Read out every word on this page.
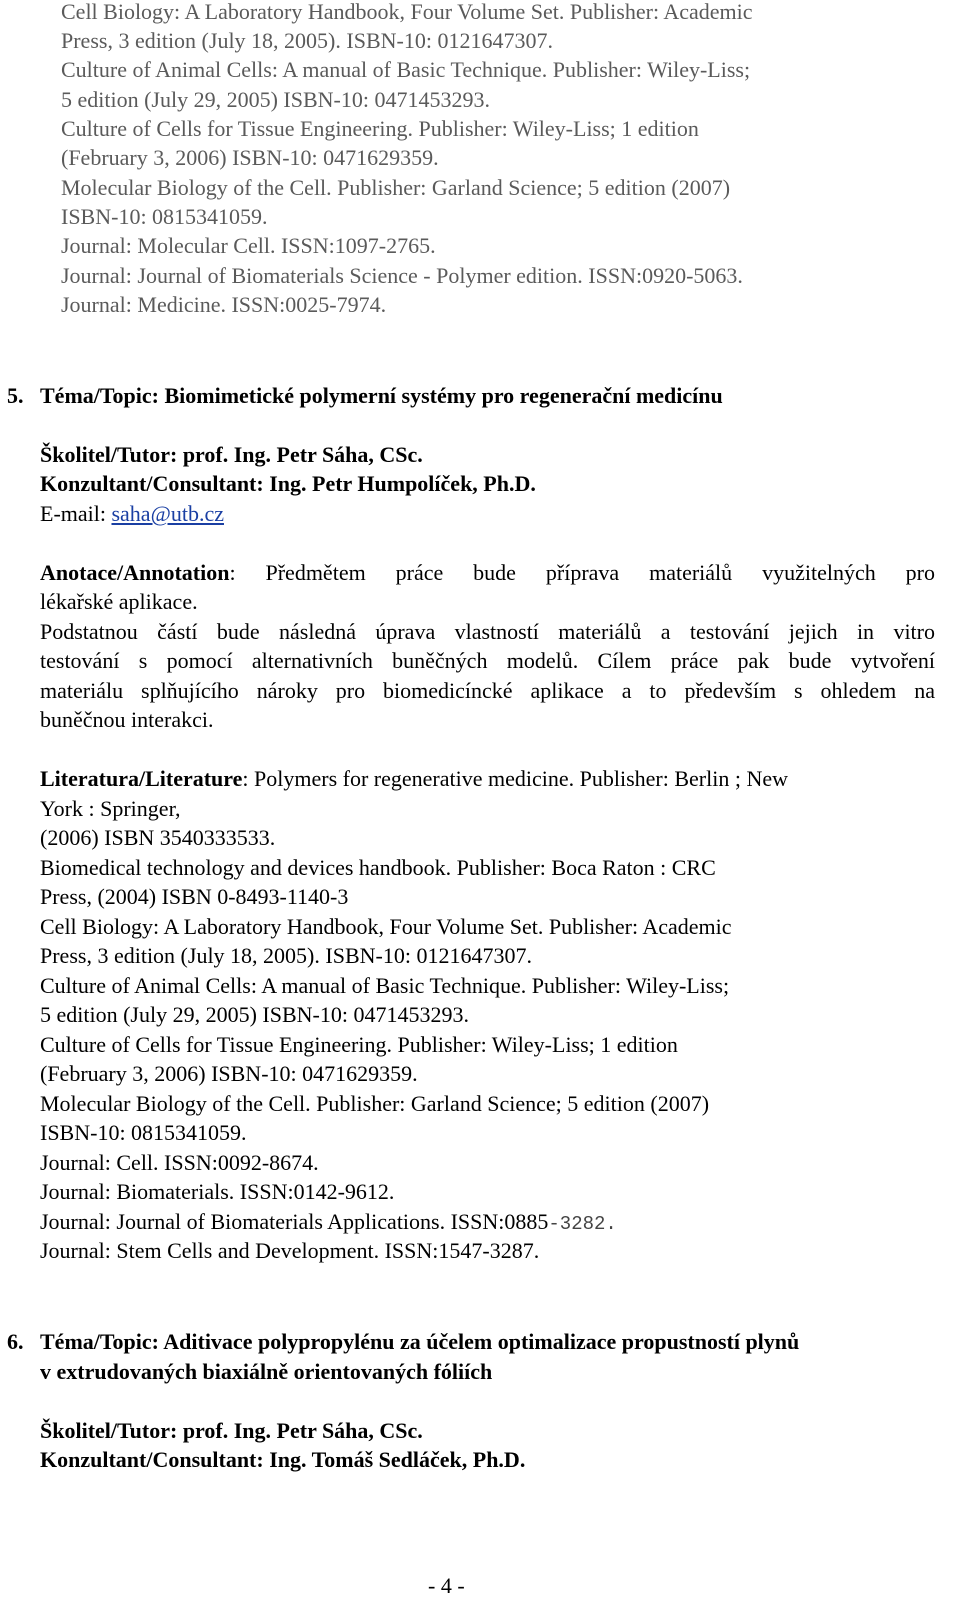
Cell Biology: A Laboratory Handbook, Four Volume Set. Publisher: Academic
Press, 3 edition (July 18, 2005). ISBN-10: 0121647307.
Culture of Animal Cells: A manual of Basic Technique. Publisher: Wiley-Liss;
5 edition (July 29, 2005) ISBN-10: 0471453293.
Culture of Cells for Tissue Engineering. Publisher: Wiley-Liss; 1 edition
(February 3, 2006) ISBN-10: 0471629359.
Molecular Biology of the Cell. Publisher: Garland Science; 5 edition (2007)
ISBN-10: 0815341059.
Journal: Molecular Cell. ISSN:1097-2765.
Journal: Journal of Biomaterials Science - Polymer edition. ISSN:0920-5063.
Journal: Medicine. ISSN:0025-7974.
5. Téma/Topic: Biomimetické polymerní systémy pro regenerační medicínu
Školitel/Tutor: prof. Ing. Petr Sáha, CSc.
Konzultant/Consultant: Ing. Petr Humpolíček, Ph.D.
E-mail: saha@utb.cz
Anotace/Annotation: Předmětem práce bude příprava materiálů využitelných pro
lékařské aplikace.
Podstatnou částí bude následná úprava vlastností materiálů a testování jejich in vitro
testování s pomocí alternativních buněčných modelů. Cílem práce pak bude vytvoření
materiálu splňujícího nároky pro biomedicíncké aplikace a to především s ohledem na
buněčnou interakci.
Literatura/Literature: Polymers for regenerative medicine. Publisher: Berlin ; New
York : Springer,
(2006) ISBN 3540333533.
Biomedical technology and devices handbook. Publisher: Boca Raton : CRC
Press, (2004) ISBN 0-8493-1140-3
Cell Biology: A Laboratory Handbook, Four Volume Set. Publisher: Academic
Press, 3 edition (July 18, 2005). ISBN-10: 0121647307.
Culture of Animal Cells: A manual of Basic Technique. Publisher: Wiley-Liss;
5 edition (July 29, 2005) ISBN-10: 0471453293.
Culture of Cells for Tissue Engineering. Publisher: Wiley-Liss; 1 edition
(February 3, 2006) ISBN-10: 0471629359.
Molecular Biology of the Cell. Publisher: Garland Science; 5 edition (2007)
ISBN-10: 0815341059.
Journal: Cell. ISSN:0092-8674.
Journal: Biomaterials. ISSN:0142-9612.
Journal: Journal of Biomaterials Applications. ISSN:0885-3282.
Journal: Stem Cells and Development. ISSN:1547-3287.
6. Téma/Topic: Aditivace polypropylénu za účelem optimalizace propustností plynů
v extrudovaných biaxiálně orientovaných fóliích
Školitel/Tutor: prof. Ing. Petr Sáha, CSc.
Konzultant/Consultant: Ing. Tomáš Sedláček, Ph.D.
- 4 -
